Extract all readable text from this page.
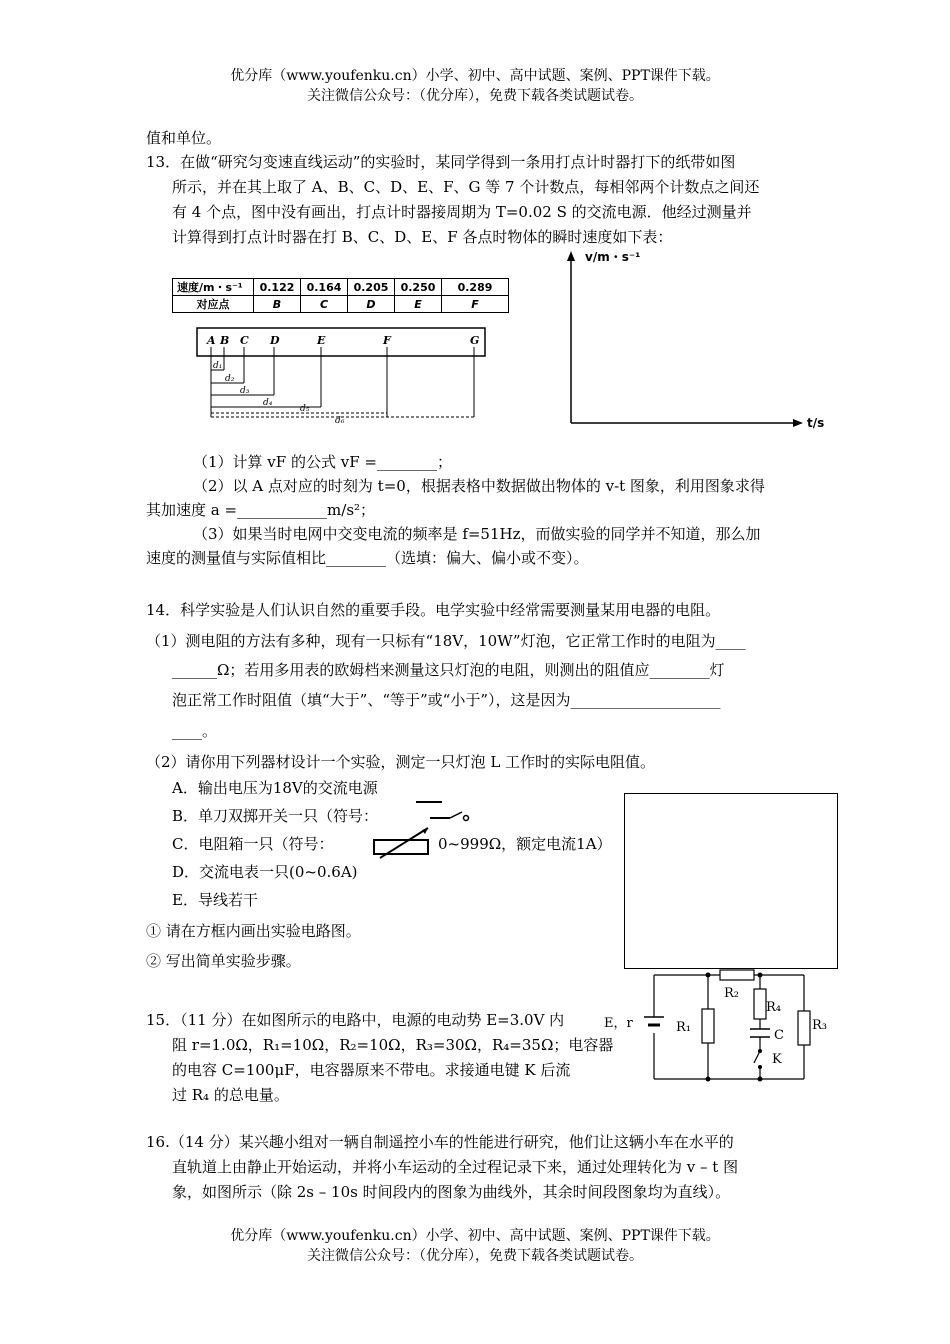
优分库（www.youfenku.cn）小学、初中、高中试题、案例、PPT课件下载。
关注微信公众号：（优分库），免费下载各类试题试卷。
值和单位。
13．在做“研究匀变速直线运动”的实验时，某同学得到一条用打点计时器打下的纸带如图
所示，并在其上取了 A、B、C、D、E、F、G 等 7 个计数点，每相邻两个计数点之间还
有 4 个点，图中没有画出，打点计时器接周期为 T=0.02 S 的交流电源．他经过测量并
计算得到打点计时器在打 B、C、D、E、F 各点时物体的瞬时速度如下表：
速度/m・s⁻¹	0.122	0.164	0.205	0.250	0.289
对应点	B	C	D	E	F
A B C D	E	F	G
d₁
d₂
d₃
d₄
d₅
d₆
v/m・s⁻¹
t/s
（1）计算 vF 的公式 vF =________；
（2）以 A 点对应的时刻为 t=0，根据表格中数据做出物体的 v-t 图象，利用图象求得
其加速度 a =____________m/s²；
（3）如果当时电网中交变电流的频率是 f=51Hz，而做实验的同学并不知道，那么加
速度的测量值与实际值相比________（选填：偏大、偏小或不变）。
14．科学实验是人们认识自然的重要手段。电学实验中经常需要测量某用电器的电阻。
（1）测电阻的方法有多种，现有一只标有“18V，10W”灯泡，它正常工作时的电阻为____
______Ω；若用多用表的欧姆档来测量这只灯泡的电阻，则测出的阻值应________灯
泡正常工作时阻值（填“大于”、“等于”或“小于”），这是因为____________________
____。
（2）请你用下列器材设计一个实验，测定一只灯泡 L 工作时的实际电阻值。
A．输出电压为18V的交流电源
B．单刀双掷开关一只（符号：
C．电阻箱一只（符号：	0~999Ω，额定电流1A）
D．交流电表一只(0~0.6A)
E．导线若干
① 请在方框内画出实验电路图。
② 写出简单实验步骤。
15．（11 分）在如图所示的电路中，电源的电动势 E=3.0V 内
阻 r=1.0Ω，R₁=10Ω，R₂=10Ω，R₃=30Ω，R₄=35Ω；电容器
的电容 C=100μF，电容器原来不带电。求接通电键 K 后流
过 R₄ 的总电量。
E，r	R₁
R₂
R₄
C
K
R₃
16.（14 分）某兴趣小组对一辆自制遥控小车的性能进行研究，他们让这辆小车在水平的
直轨道上由静止开始运动，并将小车运动的全过程记录下来，通过处理转化为 v – t 图
象，如图所示（除 2s – 10s 时间段内的图象为曲线外，其余时间段图象均为直线）。
优分库（www.youfenku.cn）小学、初中、高中试题、案例、PPT课件下载。
关注微信公众号：（优分库），免费下载各类试题试卷。
